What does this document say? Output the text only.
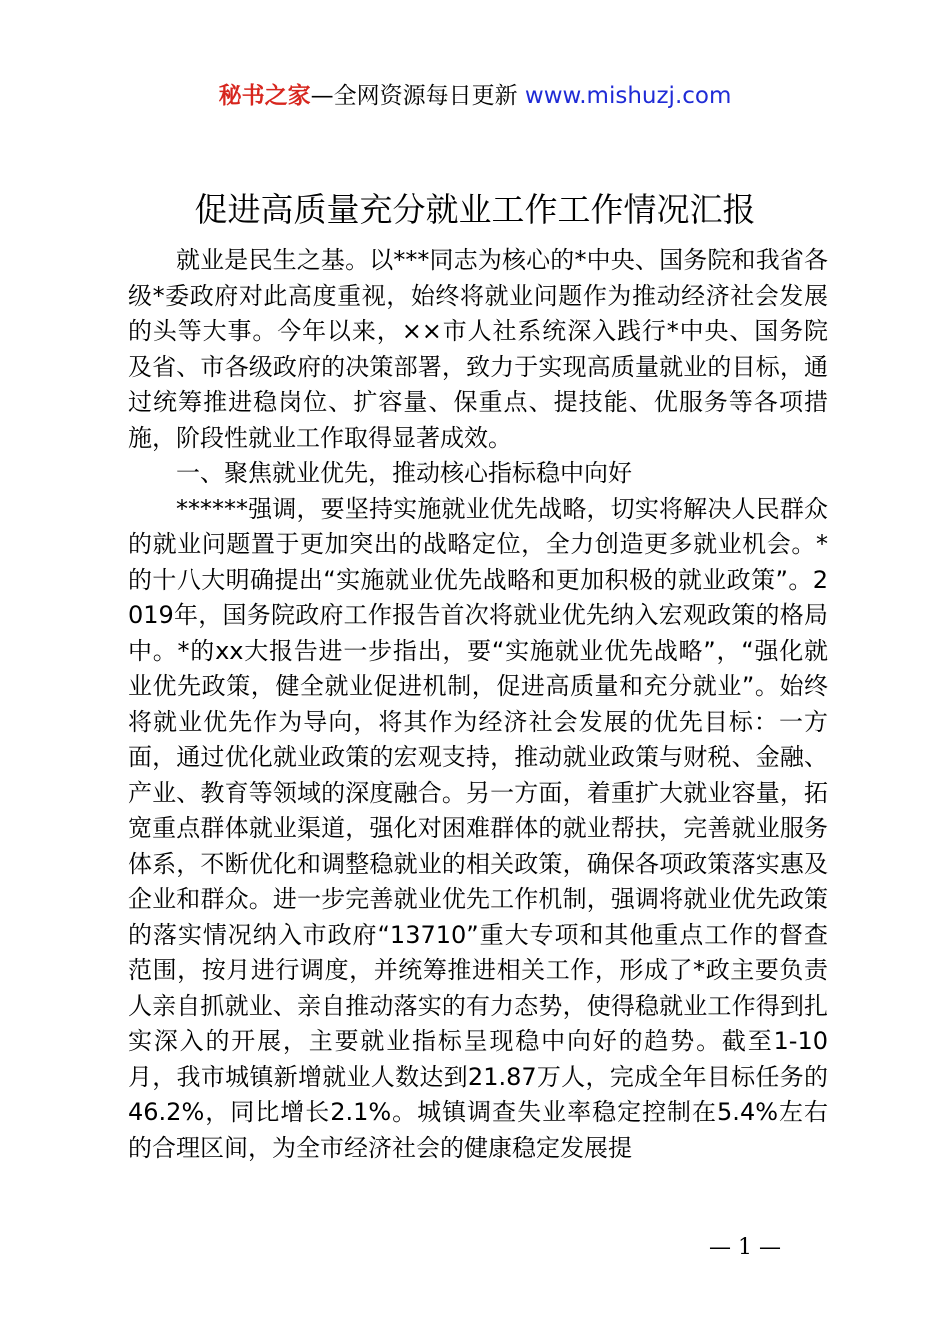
秘书之家—全网资源每日更新 www.mishuzj.com
促进高质量充分就业工作工作情况汇报

就业是民生之基。以***同志为核心的*中央、国务院和我省各级*委政府对此高度重视，始终将就业问题作为推动经济社会发展的头等大事。今年以来，××市人社系统深入践行*中央、国务院及省、市各级政府的决策部署，致力于实现高质量就业的目标，通过统筹推进稳岗位、扩容量、保重点、提技能、优服务等各项措施，阶段性就业工作取得显著成效。

一、聚焦就业优先，推动核心指标稳中向好

******强调，要坚持实施就业优先战略，切实将解决人民群众的就业问题置于更加突出的战略定位，全力创造更多就业机会。*的十八大明确提出“实施就业优先战略和更加积极的就业政策”。2019年，国务院政府工作报告首次将就业优先纳入宏观政策的格局中。*的xx大报告进一步指出，要“实施就业优先战略”，“强化就业优先政策，健全就业促进机制，促进高质量和充分就业”。始终将就业优先作为导向，将其作为经济社会发展的优先目标：一方面，通过优化就业政策的宏观支持，推动就业政策与财税、金融、产业、教育等领域的深度融合。另一方面，着重扩大就业容量，拓宽重点群体就业渠道，强化对困难群体的就业帮扶，完善就业服务体系，不断优化和调整稳就业的相关政策，确保各项政策落实惠及企业和群众。进一步完善就业优先工作机制，强调将就业优先政策的落实情况纳入市政府“13710”重大专项和其他重点工作的督查范围，按月进行调度，并统筹推进相关工作，形成了*政主要负责人亲自抓就业、亲自推动落实的有力态势，使得稳就业工作得到扎实深入的开展，主要就业指标呈现稳中向好的趋势。截至1-10月，我市城镇新增就业人数达到21.87万人，完成全年目标任务的46.2%，同比增长2.1%。城镇调查失业率稳定控制在5.4%左右的合理区间，为全市经济社会的健康稳定发展提

— 1 —
